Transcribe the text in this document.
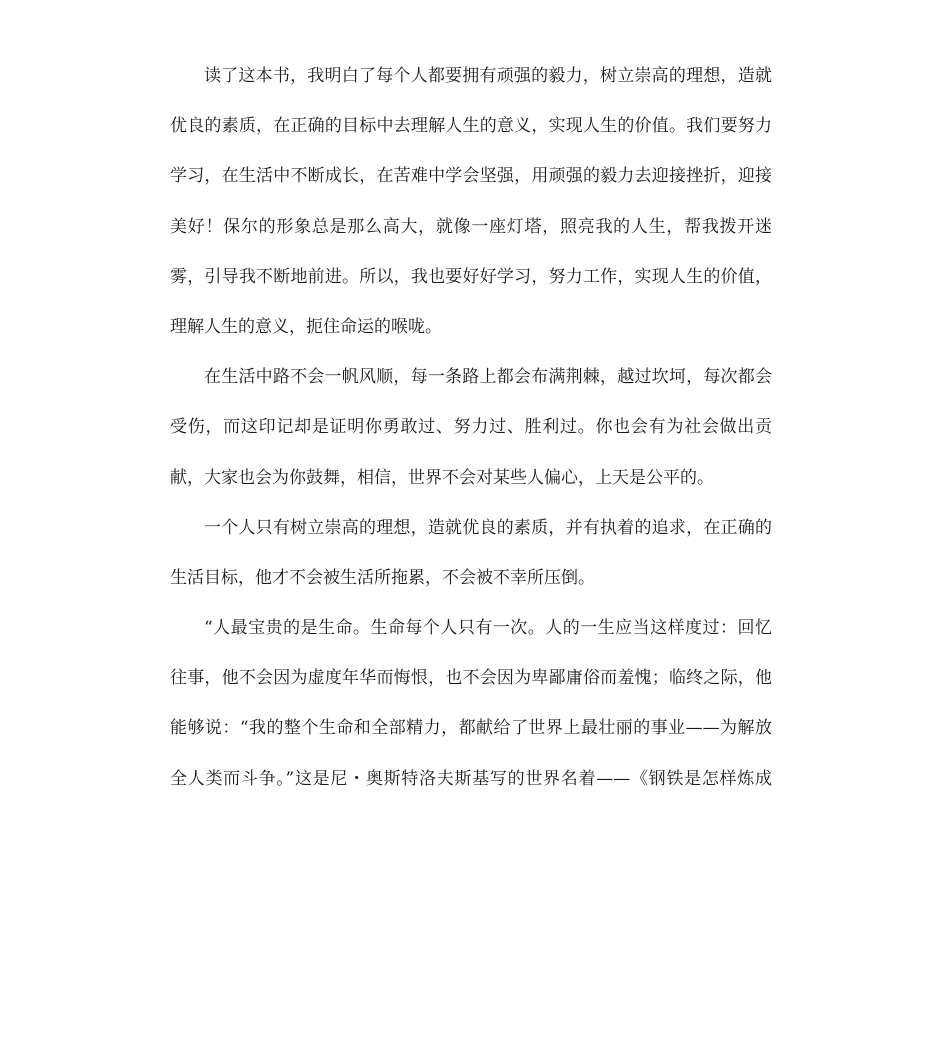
读了这本书，我明白了每个人都要拥有顽强的毅力，树立崇高的理想，造就
优良的素质，在正确的目标中去理解人生的意义，实现人生的价值。我们要努力
学习，在生活中不断成长，在苦难中学会坚强，用顽强的毅力去迎接挫折，迎接
美好！保尔的形象总是那么高大，就像一座灯塔，照亮我的人生，帮我拨开迷
雾，引导我不断地前进。所以，我也要好好学习，努力工作，实现人生的价值，
理解人生的意义，扼住命运的喉咙。
在生活中路不会一帆风顺，每一条路上都会布满荆棘，越过坎坷，每次都会
受伤，而这印记却是证明你勇敢过、努力过、胜利过。你也会有为社会做出贡
献，大家也会为你鼓舞，相信，世界不会对某些人偏心，上天是公平的。
一个人只有树立崇高的理想，造就优良的素质，并有执着的追求，在正确的
生活目标，他才不会被生活所拖累，不会被不幸所压倒。
“人最宝贵的是生命。生命每个人只有一次。人的一生应当这样度过：回忆
往事，他不会因为虚度年华而悔恨，也不会因为卑鄙庸俗而羞愧；临终之际，他
能够说：“我的整个生命和全部精力，都献给了世界上最壮丽的事业——为解放
全人类而斗争。”这是尼・奥斯特洛夫斯基写的世界名着——《钢铁是怎样炼成
